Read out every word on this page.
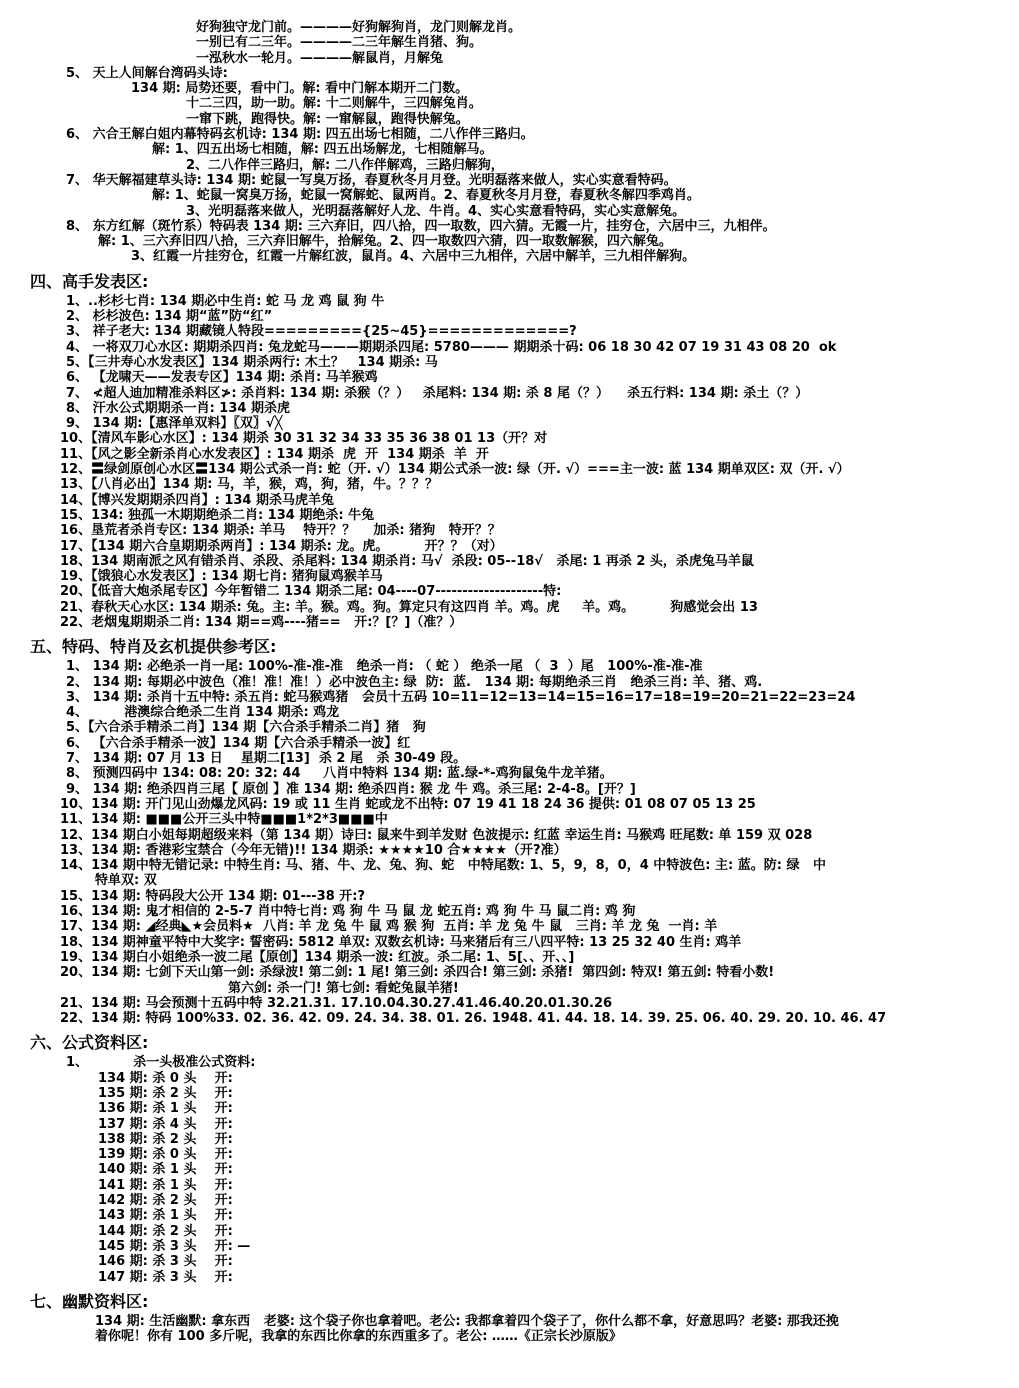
好狗独守龙门前。————好狗解狗肖，龙门则解龙肖。
一别已有二三年。————二三年解生肖猪、狗。
一泓秋水一轮月。————解鼠肖，月解兔
5、 天上人间解台湾码头诗:
134 期: 局势还要，看中门。解: 看中门解本期开二门数。
十二三四，助一助。解: 十二则解牛，三四解兔肖。
一窜下跳，跑得快。解: 一窜解鼠，跑得快解兔。
6、 六合王解白姐内幕特码玄机诗: 134 期: 四五出场七相随，二八作伴三路归。
解: 1、四五出场七相随，解: 四五出场解龙，七相随解马。
2、二八作伴三路归，解: 二八作伴解鸡，三路归解狗，
7、 华天解福建草头诗: 134 期: 蛇鼠一写臭万扬，春夏秋冬月月登。光明磊落来做人，实心实意看特码。
解: 1、蛇鼠一窝臭万扬，蛇鼠一窝解蛇、鼠两肖。2、春夏秋冬月月登，春夏秋冬解四季鸡肖。
3、光明磊落来做人，光明磊落解好人龙、牛肖。4、实心实意看特码，实心实意解兔。
8、 东方红解（斑竹系）特码表 134 期: 三六弃旧，四八拾，四一取数，四六猜。无霞一片，挂穷仓，六居中三，九相伴。
解: 1、三六弃旧四八拾，三六弃旧解牛，拾解兔。2、四一取数四六猜，四一取数解猴，四六解兔。
3、红霞一片挂穷仓，红霞一片解红波，鼠肖。4、六居中三九相伴，六居中解羊，三九相伴解狗。
四、高手发表区:
1、..杉杉七肖: 134 期必中生肖: 蛇 马 龙 鸡 鼠 狗 牛
2、 杉杉波色: 134 期“蓝”防“红”
3、 祥子老大: 134 期藏镜人特段========={25~45}=============?
4、 一将双刀心水区: 期期杀四肖: 兔龙蛇马———期期杀四尾: 5780——— 期期杀十码: 06 18 30 42 07 19 31 43 08 20  ok
5、【三井寿心水发表区】134 期杀两行: 木土？   134 期杀: 马
6、 【龙啸天——发表专区】134 期: 杀肖: 马羊猴鸡
7、 ≮超人迪加精准杀料区≯: 杀肖料: 134 期: 杀猴（？）   杀尾料: 134 期: 杀 8 尾（？）    杀五行料: 134 期: 杀土（？）
8、 汗水公式期期杀一肖: 134 期杀虎
9、 134 期:【惠泽单双料】〖双〗√╳
10、【清风车影心水区】: 134 期杀 30 31 32 34 33 35 36 38 01 13（开？对
11、【风之影全新杀肖心水发表区】: 134 期杀  虎  开  134 期杀  羊  开
12、〓绿剑原创心水区〓134 期公式杀一肖: 蛇（开. √）134 期公式杀一波: 绿（开. √）===主一波: 蓝 134 期单双区: 双（开. √）
13、【八肖必出】134 期: 马，羊，猴，鸡，狗，猪，牛。？？？
14、【博兴发期期杀四肖】: 134 期杀马虎羊兔
15、134: 独孤一木期期绝杀二肖: 134 期绝杀: 牛兔
16、垦荒者杀肖专区: 134 期杀: 羊马    特开？？    加杀: 猪狗   特开？？
17、【134 期六合皇期期杀两肖】: 134 期杀: 龙。虎。        开？？（对）
18、134 期南派之风有错杀肖、杀段、杀尾料: 134 期杀肖: 马√  杀段: 05--18√   杀尾: 1 再杀 2 头，杀虎兔马羊鼠
19、【饿狼心水发表区】: 134 期七肖: 猪狗鼠鸡猴羊马
20、【低音大炮杀尾专区】今年暂错二 134 期杀二尾: 04----07--------------------特:
21、春秋天心水区: 134 期杀: 兔。主: 羊。猴。鸡。狗。算定只有这四肖 羊。鸡。虎     羊。鸡。        狗感觉会出 13
22、老烟鬼期期杀二肖: 134 期==鸡----猪==   开:？[？]（准？）
五、特码、特肖及玄机提供参考区:
1、 134 期: 必绝杀一肖一尾: 100%-准-准-准   绝杀一肖: （ 蛇 ） 绝杀一尾 （  3  ）尾   100%-准-准-准
2、 134 期: 每期必中波色（准！准！准！）必中波色主: 绿  防:  蓝.   134 期: 每期绝杀三肖   绝杀三肖: 羊、猪、鸡.
3、 134 期: 杀肖十五中特: 杀五肖: 蛇马猴鸡猪   会员十五码 10=11=12=13=14=15=16=17=18=19=20=21=22=23=24
4、        港澳综合绝杀二生肖 134 期杀: 鸡龙
5、【六合杀手精杀二肖】134 期【六合杀手精杀二肖】猪   狗
6、 【六合杀手精杀一波】134 期【六合杀手精杀一波】红
7、 134 期: 07 月 13 日    星期二[13]  杀 2 尾   杀 30-49 段。
8、 预测四码中 134: 08: 20: 32: 44     八肖中特料 134 期: 蓝.绿-*-鸡狗鼠兔牛龙羊猪。
9、 134 期: 绝杀四肖三尾【 原创 】准 134 期: 绝杀四肖: 猴 龙 牛 鸡。杀三尾: 2-4-8。[开？]
10、134 期: 开门见山劲爆龙风码: 19 或 11 生肖 蛇或龙不出特: 07 19 41 18 24 36 提供: 01 08 07 05 13 25
11、134 期: ■■■公开三头中特■■■1*2*3■■■中
12、134 期白小姐每期超级来料（第 134 期）诗曰: 鼠来牛到羊发财 色波提示: 红蓝 幸运生肖: 马猴鸡 旺尾数: 单 159 双 028
13、134 期: 香港彩宝禁合（今年无错)!! 134 期杀: ★★★★10 合★★★★（开?准）
14、134 期中特无错记录: 中特生肖: 马、猪、牛、龙、兔、狗、蛇   中特尾数: 1、5，9，8，0，4 中特波色: 主: 蓝。防: 绿   中
特单双: 双
15、134 期: 特码段大公开 134 期: 01---38 开:?
16、134 期: 鬼才相信的 2-5-7 肖中特七肖: 鸡 狗 牛 马 鼠 龙 蛇五肖: 鸡 狗 牛 马 鼠二肖: 鸡 狗
17、134 期: ◢经典◣★会员料★  八肖: 羊 龙 兔 牛 鼠 鸡 猴 狗  五肖: 羊 龙 兔 牛 鼠   三肖: 羊 龙 兔  一肖: 羊
18、134 期神童平特中大奖字: 誓密码: 5812 单双: 双数玄机诗: 马来猪后有三八四平特: 13 25 32 40 生肖: 鸡羊
19、134 期白小姐绝杀一波二尾【原创】134 期杀一波: 红波。杀二尾: 1、5[、、开、、]
20、134 期: 七剑下天山第一剑: 杀绿波! 第二剑: 1 尾! 第三剑: 杀四合! 第三剑: 杀猪!  第四剑: 特双! 第五剑: 特看小数!
第六剑: 杀一门! 第七剑: 看蛇兔鼠羊猪!
21、134 期: 马会预测十五码中特 32.21.31. 17.10.04.30.27.41.46.40.20.01.30.26
22、134 期: 特码 100%33. 02. 36. 42. 09. 24. 34. 38. 01. 26. 1948. 41. 44. 18. 14. 39. 25. 06. 40. 29. 20. 10. 46. 47
六、公式资料区:
1、          杀一头极准公式资料:
134 期: 杀 0 头    开:
135 期: 杀 2 头    开:
136 期: 杀 1 头    开:
137 期: 杀 4 头    开:
138 期: 杀 2 头    开:
139 期: 杀 0 头    开:
140 期: 杀 1 头    开:
141 期: 杀 1 头    开:
142 期: 杀 2 头    开:
143 期: 杀 1 头    开:
144 期: 杀 2 头    开:
145 期: 杀 3 头    开: —
146 期: 杀 3 头    开:
147 期: 杀 3 头    开:
七、幽默资料区:
134 期: 生活幽默: 拿东西   老婆: 这个袋子你也拿着吧。老公: 我都拿着四个袋子了，你什么都不拿，好意思吗？老婆: 那我还挽
着你呢！你有 100 多斤呢，我拿的东西比你拿的东西重多了。老公: ……《正宗长沙原版》
